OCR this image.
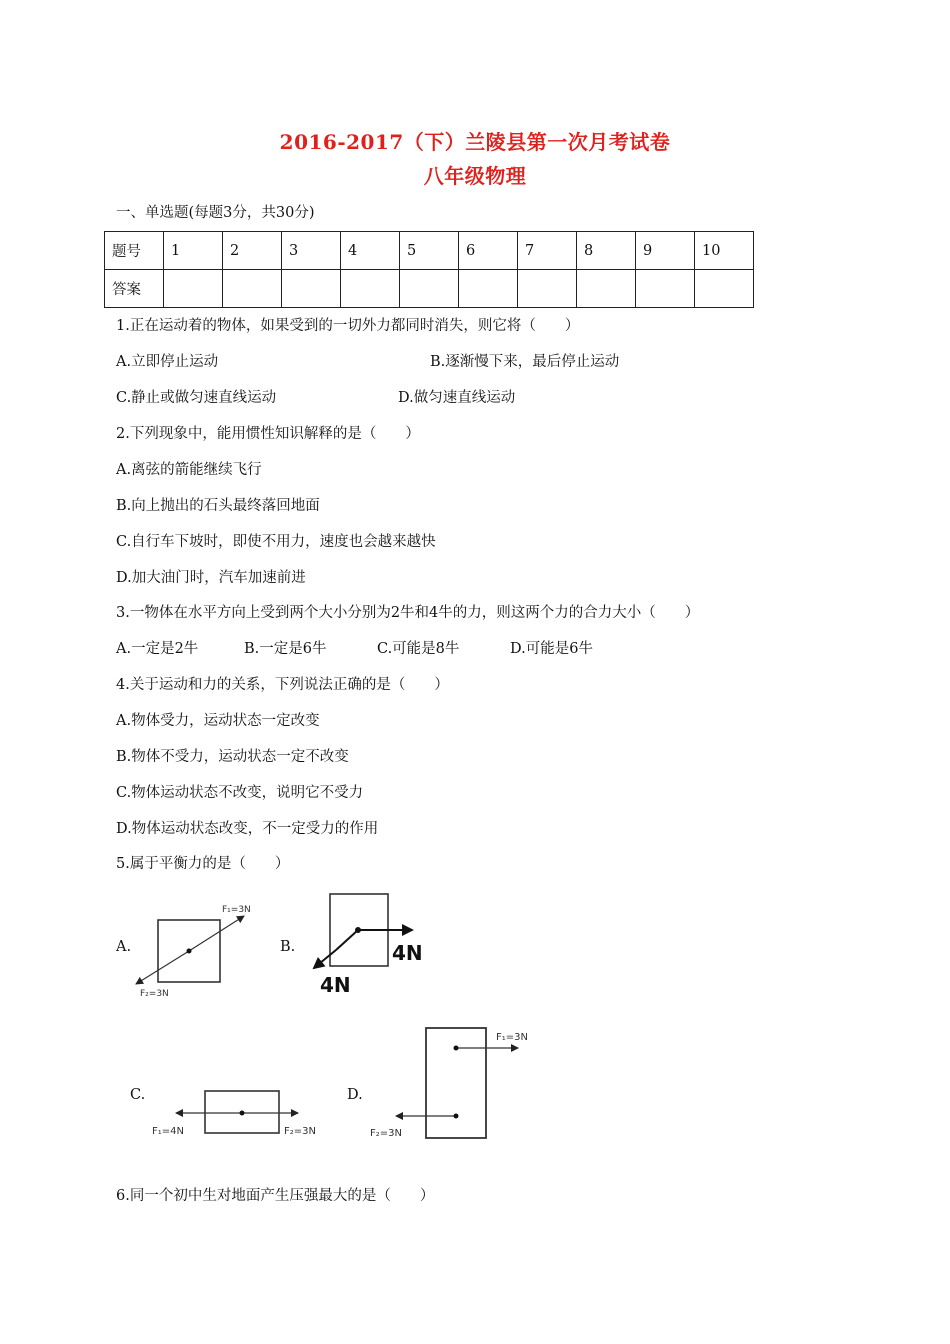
2016-2017（下）兰陵县第一次月考试卷
八年级物理
一、单选题(每题3分，共30分)
题号	1	2	3	4	5	6	7	8	9	10
答案										
1.正在运动着的物体，如果受到的一切外力都同时消失，则它将（　　）
A.立即停止运动	B.逐渐慢下来，最后停止运动
C.静止或做匀速直线运动	D.做匀速直线运动
2.下列现象中，能用惯性知识解释的是（　　）
A.离弦的箭能继续飞行
B.向上抛出的石头最终落回地面
C.自行车下坡时，即使不用力，速度也会越来越快
D.加大油门时，汽车加速前进
3.一物体在水平方向上受到两个大小分别为2牛和4牛的力，则这两个力的合力大小（　　）
A.一定是2牛	B.一定是6牛	C.可能是8牛	D.可能是6牛
4.关于运动和力的关系，下列说法正确的是（　　）
A.物体受力，运动状态一定改变
B.物体不受力，运动状态一定不改变
C.物体运动状态不改变，说明它不受力
D.物体运动状态改变，不一定受力的作用
5.属于平衡力的是（　　）
A.
F₁=3N
F₂=3N
B.	4N
4N
C.
F₁=4N	F₂=3N
D.
F₁=3N
F₂=3N
6.同一个初中生对地面产生压强最大的是（　　）
